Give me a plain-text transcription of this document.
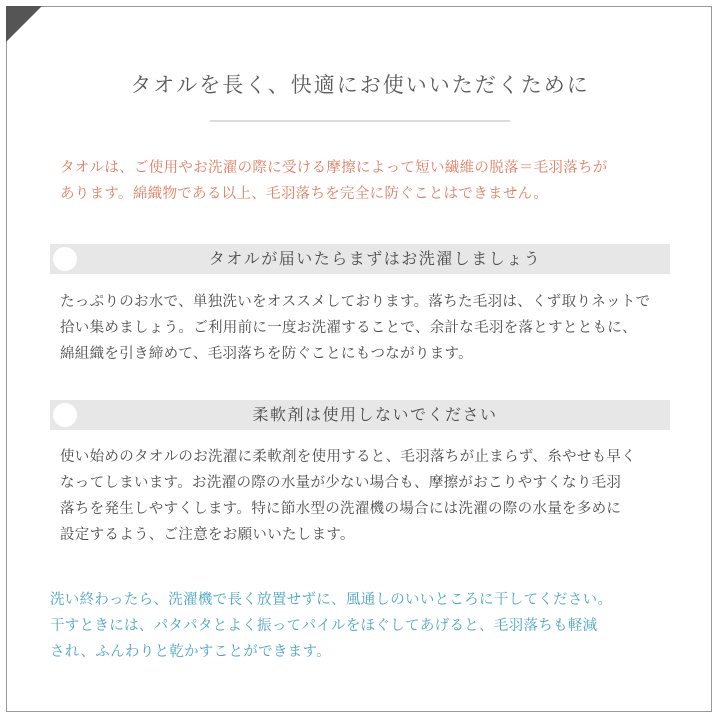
タオルを長く、快適にお使いいただくために

タオルは、ご使用やお洗濯の際に受ける摩擦によって短い繊維の脱落＝毛羽落ちが
あります。綿織物である以上、毛羽落ちを完全に防ぐことはできません。

タオルが届いたらまずはお洗濯しましょう

たっぷりのお水で、単独洗いをオススメしております。落ちた毛羽は、くず取りネットで
拾い集めましょう。ご利用前に一度お洗濯することで、余計な毛羽を落とすとともに、
綿組織を引き締めて、毛羽落ちを防ぐことにもつながります。

柔軟剤は使用しないでください

使い始めのタオルのお洗濯に柔軟剤を使用すると、毛羽落ちが止まらず、糸やせも早く
なってしまいます。お洗濯の際の水量が少ない場合も、摩擦がおこりやすくなり毛羽
落ちを発生しやすくします。特に節水型の洗濯機の場合には洗濯の際の水量を多めに
設定するよう、ご注意をお願いいたします。

洗い終わったら、洗濯機で長く放置せずに、風通しのいいところに干してください。
干すときには、パタパタとよく振ってパイルをほぐしてあげると、毛羽落ちも軽減
され、ふんわりと乾かすことができます。
